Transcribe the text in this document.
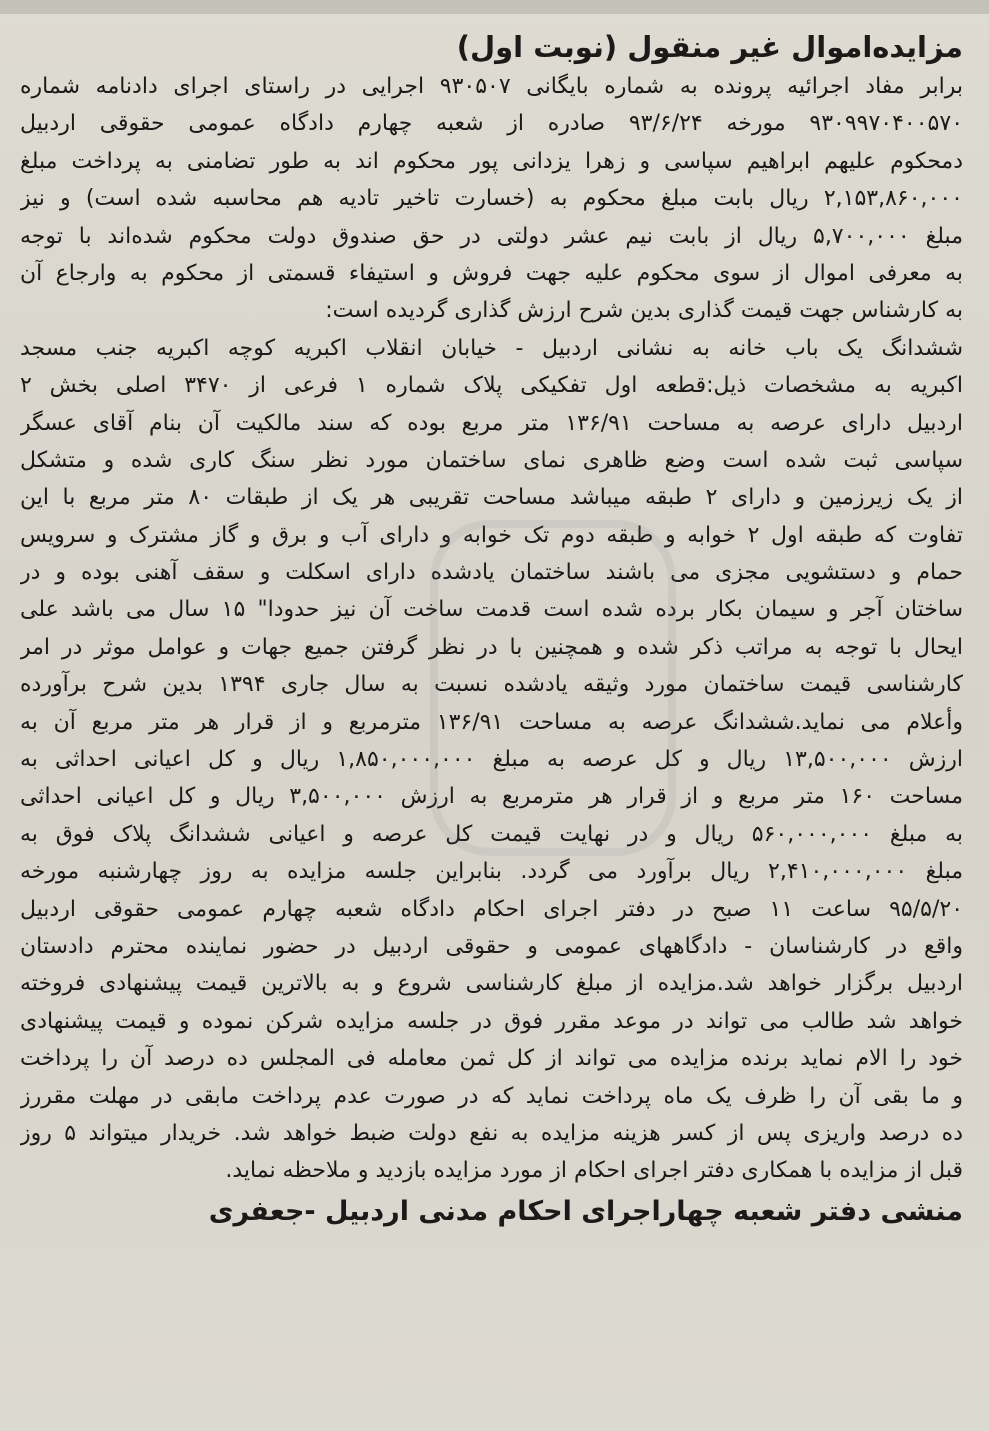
مزایده‌اموال غیر منقول (نوبت اول)
برابر مفاد اجرائیه پرونده به شماره بایگانی ۹۳۰۵۰۷ اجرایی در راستای اجرای دادنامه شماره
۹۳۰۹۹۷۰۴۰۰۵۷۰ مورخه ۹۳/۶/۲۴ صادره از شعبه چهارم دادگاه عمومی حقوقی اردبیل
دمحکوم علیهم ابراهیم سپاسی و زهرا یزدانی پور محکوم اند به طور تضامنی به پرداخت مبلغ
۲,۱۵۳,۸۶۰,۰۰۰ ریال بابت مبلغ محکوم به (خسارت تاخیر تادیه هم محاسبه شده است) و نیز
مبلغ ۵,۷۰۰,۰۰۰ ریال از بابت نیم عشر دولتی در حق صندوق دولت محکوم شده‌اند با توجه
به معرفی اموال از سوی محکوم علیه جهت فروش و استیفاء قسمتی از محکوم به وارجاع آن
به کارشناس جهت قیمت گذاری بدین شرح ارزش گذاری گردیده است:
ششدانگ یک باب خانه به نشانی اردبیل - خیابان انقلاب اکبریه کوچه اکبریه جنب مسجد
اکبریه به مشخصات ذیل:قطعه اول تفکیکی پلاک شماره ۱ فرعی از ۳۴۷۰ اصلی بخش ۲
اردبیل دارای عرصه به مساحت ۱۳۶/۹۱ متر مربع بوده که سند مالکیت آن بنام آقای عسگر
سپاسی ثبت شده است وضع ظاهری نمای ساختمان مورد نظر سنگ کاری شده و متشکل
از یک زیرزمین و دارای ۲ طبقه میباشد مساحت تقریبی هر یک از طبقات ۸۰ متر مربع با این
تفاوت که طبقه اول ۲ خوابه و طبقه دوم تک خوابه و دارای آب و برق و گاز مشترک و سرویس
حمام و دستشویی مجزی می باشند ساختمان یادشده دارای اسکلت و سقف آهنی بوده و در
ساختان آجر و سیمان بکار برده شده است قدمت ساخت آن نیز حدودا" ۱۵ سال می باشد علی
ایحال با توجه به مراتب ذکر شده و همچنین با در نظر گرفتن جمیع جهات و عوامل موثر در امر
کارشناسی قیمت ساختمان مورد وثیقه یادشده نسبت به سال جاری ۱۳۹۴ بدین شرح برآورده
وأعلام می نماید.ششدانگ عرصه به مساحت ۱۳۶/۹۱ مترمربع و از قرار هر متر مربع آن به
ارزش ۱۳,۵۰۰,۰۰۰ ریال و کل عرصه به مبلغ ۱,۸۵۰,۰۰۰,۰۰۰ ریال و کل اعیانی احداثی به
مساحت ۱۶۰ متر مربع و از قرار هر مترمربع به ارزش ۳,۵۰۰,۰۰۰ ریال و کل اعیانی احداثی
به مبلغ ۵۶۰,۰۰۰,۰۰۰ ریال و در نهایت قیمت کل عرصه و اعیانی ششدانگ پلاک فوق به
مبلغ ۲,۴۱۰,۰۰۰,۰۰۰ ریال برآورد می گردد. بنابراین جلسه مزایده به روز چهارشنبه مورخه
۹۵/۵/۲۰ ساعت ۱۱ صبح در دفتر اجرای احکام دادگاه شعبه چهارم عمومی حقوقی اردبیل
واقع در کارشناسان - دادگاههای عمومی و حقوقی اردبیل در حضور نماینده محترم دادستان
اردبیل برگزار خواهد شد.مزایده از مبلغ کارشناسی شروع و به بالاترین قیمت پیشنهادی فروخته
خواهد شد طالب می تواند در موعد مقرر فوق در جلسه مزایده شرکن نموده و قیمت پیشنهادی
خود را الام نماید برنده مزایده می تواند از کل ثمن معامله فی المجلس ده درصد آن را پرداخت
و ما بقی آن را ظرف یک ماه پرداخت نماید که در صورت عدم پرداخت مابقی در مهلت مقررز
ده درصد واریزی پس از کسر هزینه مزایده به نفع دولت ضبط خواهد شد. خریدار میتواند ۵ روز
قبل از مزایده با همکاری دفتر اجرای احکام از مورد مزایده بازدید و ملاحظه نماید.
منشی دفتر شعبه چهاراجرای احکام مدنی اردبیل -جعفری
